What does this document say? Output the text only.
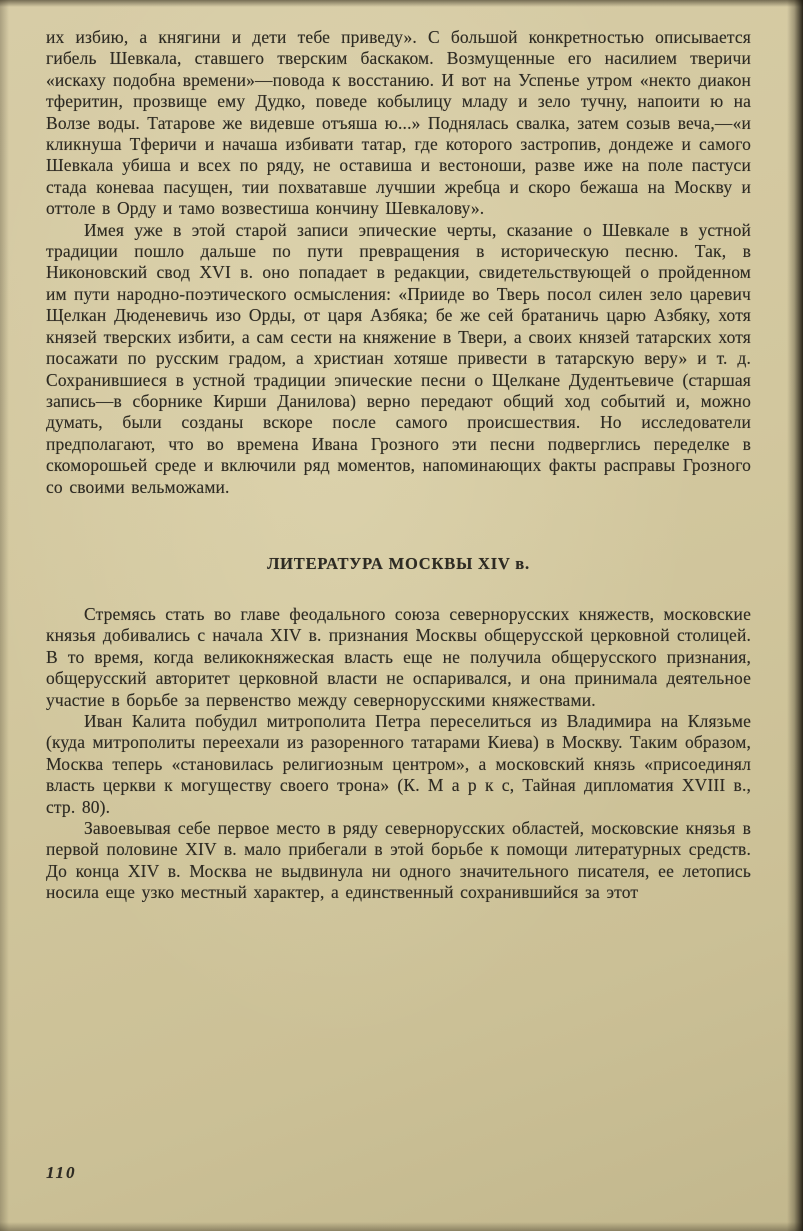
их избию, а княгини и дети тебе приведу». С большой конкретностью описывается гибель Шевкала, ставшего тверским баскаком. Возмущенные его насилием тверичи «искаху подобна времени»—повода к восстанию. И вот на Успенье утром «некто диакон тферитин, прозвище ему Дудко, поведе кобылицу младу и зело тучну, напоити ю на Волзе воды. Татарове же видевше отъяша ю...» Поднялась свалка, затем созыв веча,—«и кликнуша Тферичи и начаша избивати татар, где которого застропив, дондеже и самого Шевкала убиша и всех по ряду, не оставиша и вестоноши, разве иже на поле пастуси стада коневаа пасущен, тии похватавше лучшии жребца и скоро бежаша на Москву и оттоле в Орду и тамо возвестиша кончину Шевкалову».

Имея уже в этой старой записи эпические черты, сказание о Шевкале в устной традиции пошло дальше по пути превращения в историческую песню. Так, в Никоновский свод XVI в. оно попадает в редакции, свидетельствующей о пройденном им пути народно-поэтического осмысления: «Прииде во Тверь посол силен зело царевич Щелкан Дюденевичь изо Орды, от царя Азбяка; бе же сей братаничь царю Азбяку, хотя князей тверских избити, а сам сести на княжение в Твери, а своих князей татарских хотя посажати по русским градом, а христиан хотяше привести в татарскую веру» и т. д. Сохранившиеся в устной традиции эпические песни о Щелкане Дудентьевиче (старшая запись—в сборнике Кирши Данилова) верно передают общий ход событий и, можно думать, были созданы вскоре после самого происшествия. Но исследователи предполагают, что во времена Ивана Грозного эти песни подверглись переделке в скоморошьей среде и включили ряд моментов, напоминающих факты расправы Грозного со своими вельможами.

ЛИТЕРАТУРА МОСКВЫ XIV в.

Стремясь стать во главе феодального союза севернорусских княжеств, московские князья добивались с начала XIV в. признания Москвы общерусской церковной столицей. В то время, когда великокняжеская власть еще не получила общерусского признания, общерусский авторитет церковной власти не оспаривался, и она принимала деятельное участие в борьбе за первенство между севернорусскими княжествами.

Иван Калита побудил митрополита Петра переселиться из Владимира на Клязьме (куда митрополиты переехали из разоренного татарами Киева) в Москву. Таким образом, Москва теперь «становилась религиозным центром», а московский князь «присоединял власть церкви к могуществу своего трона» (К. М а р к с, Тайная дипломатия XVIII в., стр. 80).

Завоевывая себе первое место в ряду севернорусских областей, московские князья в первой половине XIV в. мало прибегали в этой борьбе к помощи литературных средств. До конца XIV в. Москва не выдвинула ни одного значительного писателя, ее летопись носила еще узко местный характер, а единственный сохранившийся за этот

110
